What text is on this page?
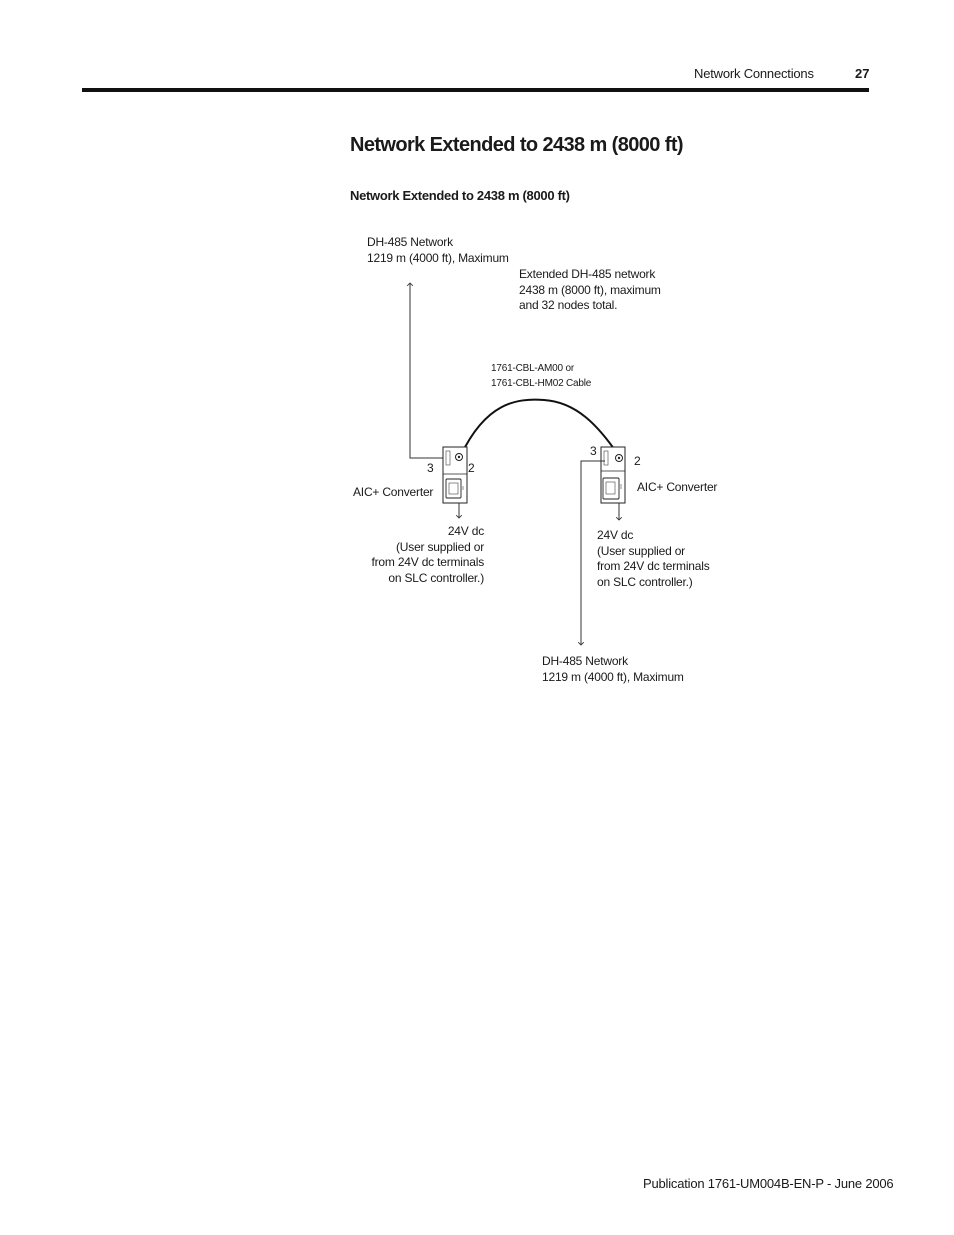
Network Connections	27
Network Extended to 2438 m (8000 ft)
Network Extended to 2438 m (8000 ft)
DH-485 Network
1219 m (4000 ft), Maximum
Extended DH-485 network
2438 m (8000 ft), maximum
and 32 nodes total.
1761-CBL-AM00 or
1761-CBL-HM02 Cable
3	2
AIC+ Converter
24V dc
(User supplied or
from 24V dc terminals
on SLC controller.)
3
2
AIC+ Converter
24V dc
(User supplied or
from 24V dc terminals
on SLC controller.)
DH-485 Network
1219 m (4000 ft), Maximum
Publication 1761-UM004B-EN-P - June 2006
